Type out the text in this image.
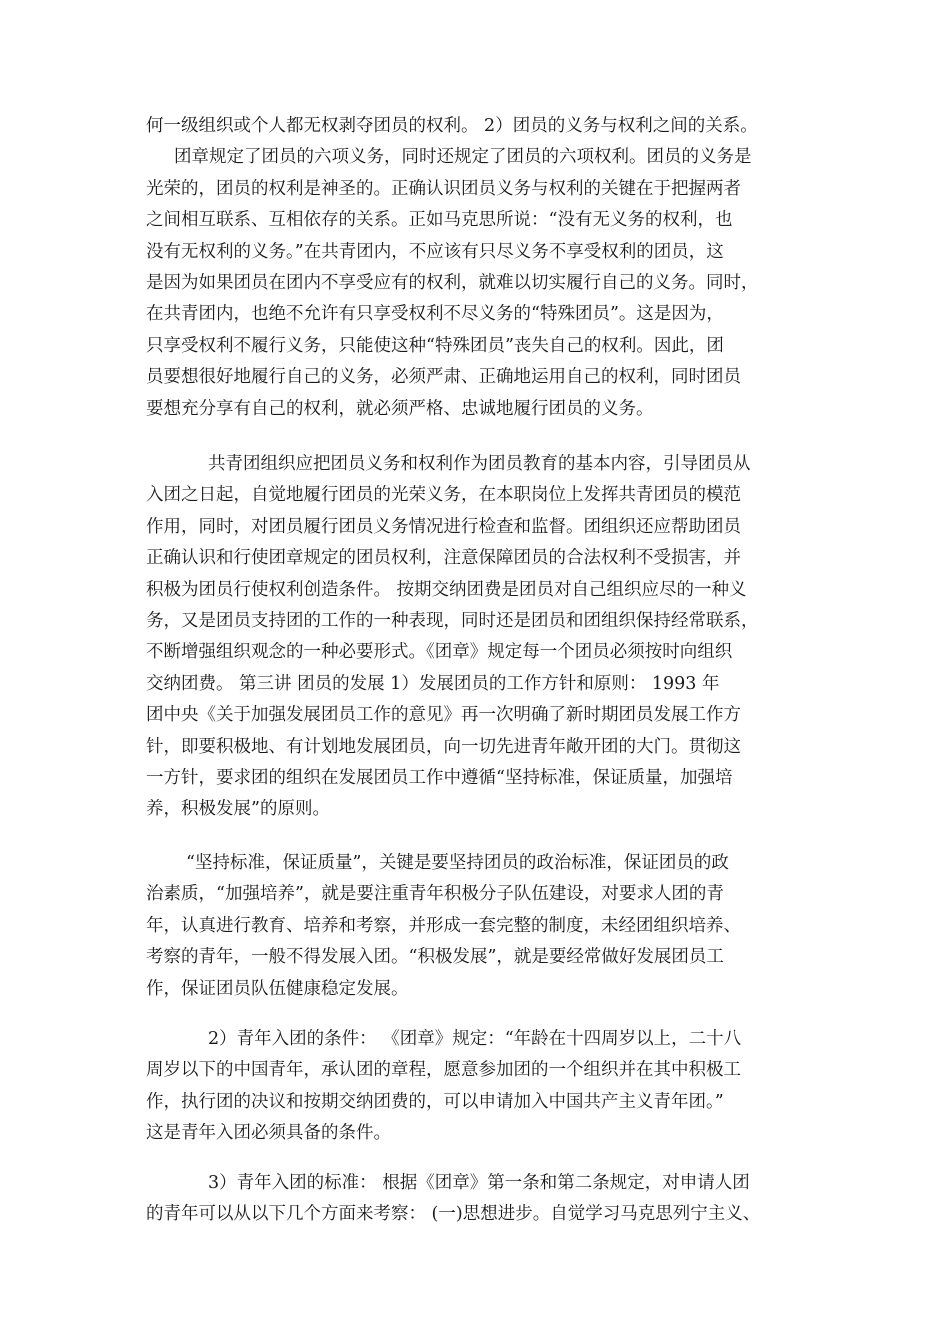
何一级组织或个人都无权剥夺团员的权利。 2）团员的义务与权利之间的关系。
团章规定了团员的六项义务，同时还规定了团员的六项权利。团员的义务是
光荣的，团员的权利是神圣的。正确认识团员义务与权利的关键在于把握两者
之间相互联系、互相依存的关系。正如马克思所说：“没有无义务的权利，也
没有无权利的义务。”在共青团内，不应该有只尽义务不享受权利的团员，这
是因为如果团员在团内不享受应有的权利，就难以切实履行自己的义务。同时，
在共青团内，也绝不允许有只享受权利不尽义务的“特殊团员”。这是因为，
只享受权利不履行义务，只能使这种“特殊团员”丧失自己的权利。因此，团
员要想很好地履行自己的义务，必须严肃、正确地运用自己的权利，同时团员
要想充分享有自己的权利，就必须严格、忠诚地履行团员的义务。
共青团组织应把团员义务和权利作为团员教育的基本内容，引导团员从
入团之日起，自觉地履行团员的光荣义务，在本职岗位上发挥共青团员的模范
作用，同时，对团员履行团员义务情况进行检查和监督。团组织还应帮助团员
正确认识和行使团章规定的团员权利，注意保障团员的合法权利不受损害，并
积极为团员行使权利创造条件。 按期交纳团费是团员对自己组织应尽的一种义
务，又是团员支持团的工作的一种表现，同时还是团员和团组织保持经常联系，
不断增强组织观念的一种必要形式。《团章》规定每一个团员必须按时向组织
交纳团费。 第三讲 团员的发展 1）发展团员的工作方针和原则： 1993 年
团中央《关于加强发展团员工作的意见》再一次明确了新时期团员发展工作方
针，即要积极地、有计划地发展团员，向一切先进青年敞开团的大门。贯彻这
一方针，要求团的组织在发展团员工作中遵循“坚持标准，保证质量，加强培
养，积极发展”的原则。
“坚持标准，保证质量”，关键是要坚持团员的政治标准，保证团员的政
治素质，“加强培养”，就是要注重青年积极分子队伍建设，对要求人团的青
年，认真进行教育、培养和考察，并形成一套完整的制度，未经团组织培养、
考察的青年，一般不得发展入团。“积极发展”，就是要经常做好发展团员工
作，保证团员队伍健康稳定发展。
2）青年入团的条件： 《团章》规定：“年龄在十四周岁以上，二十八
周岁以下的中国青年，承认团的章程，愿意参加团的一个组织并在其中积极工
作，执行团的决议和按期交纳团费的，可以申请加入中国共产主义青年团。”
这是青年入团必须具备的条件。
3）青年入团的标准： 根据《团章》第一条和第二条规定，对申请人团
的青年可以从以下几个方面来考察： (一)思想进步。自觉学习马克思列宁主义、
